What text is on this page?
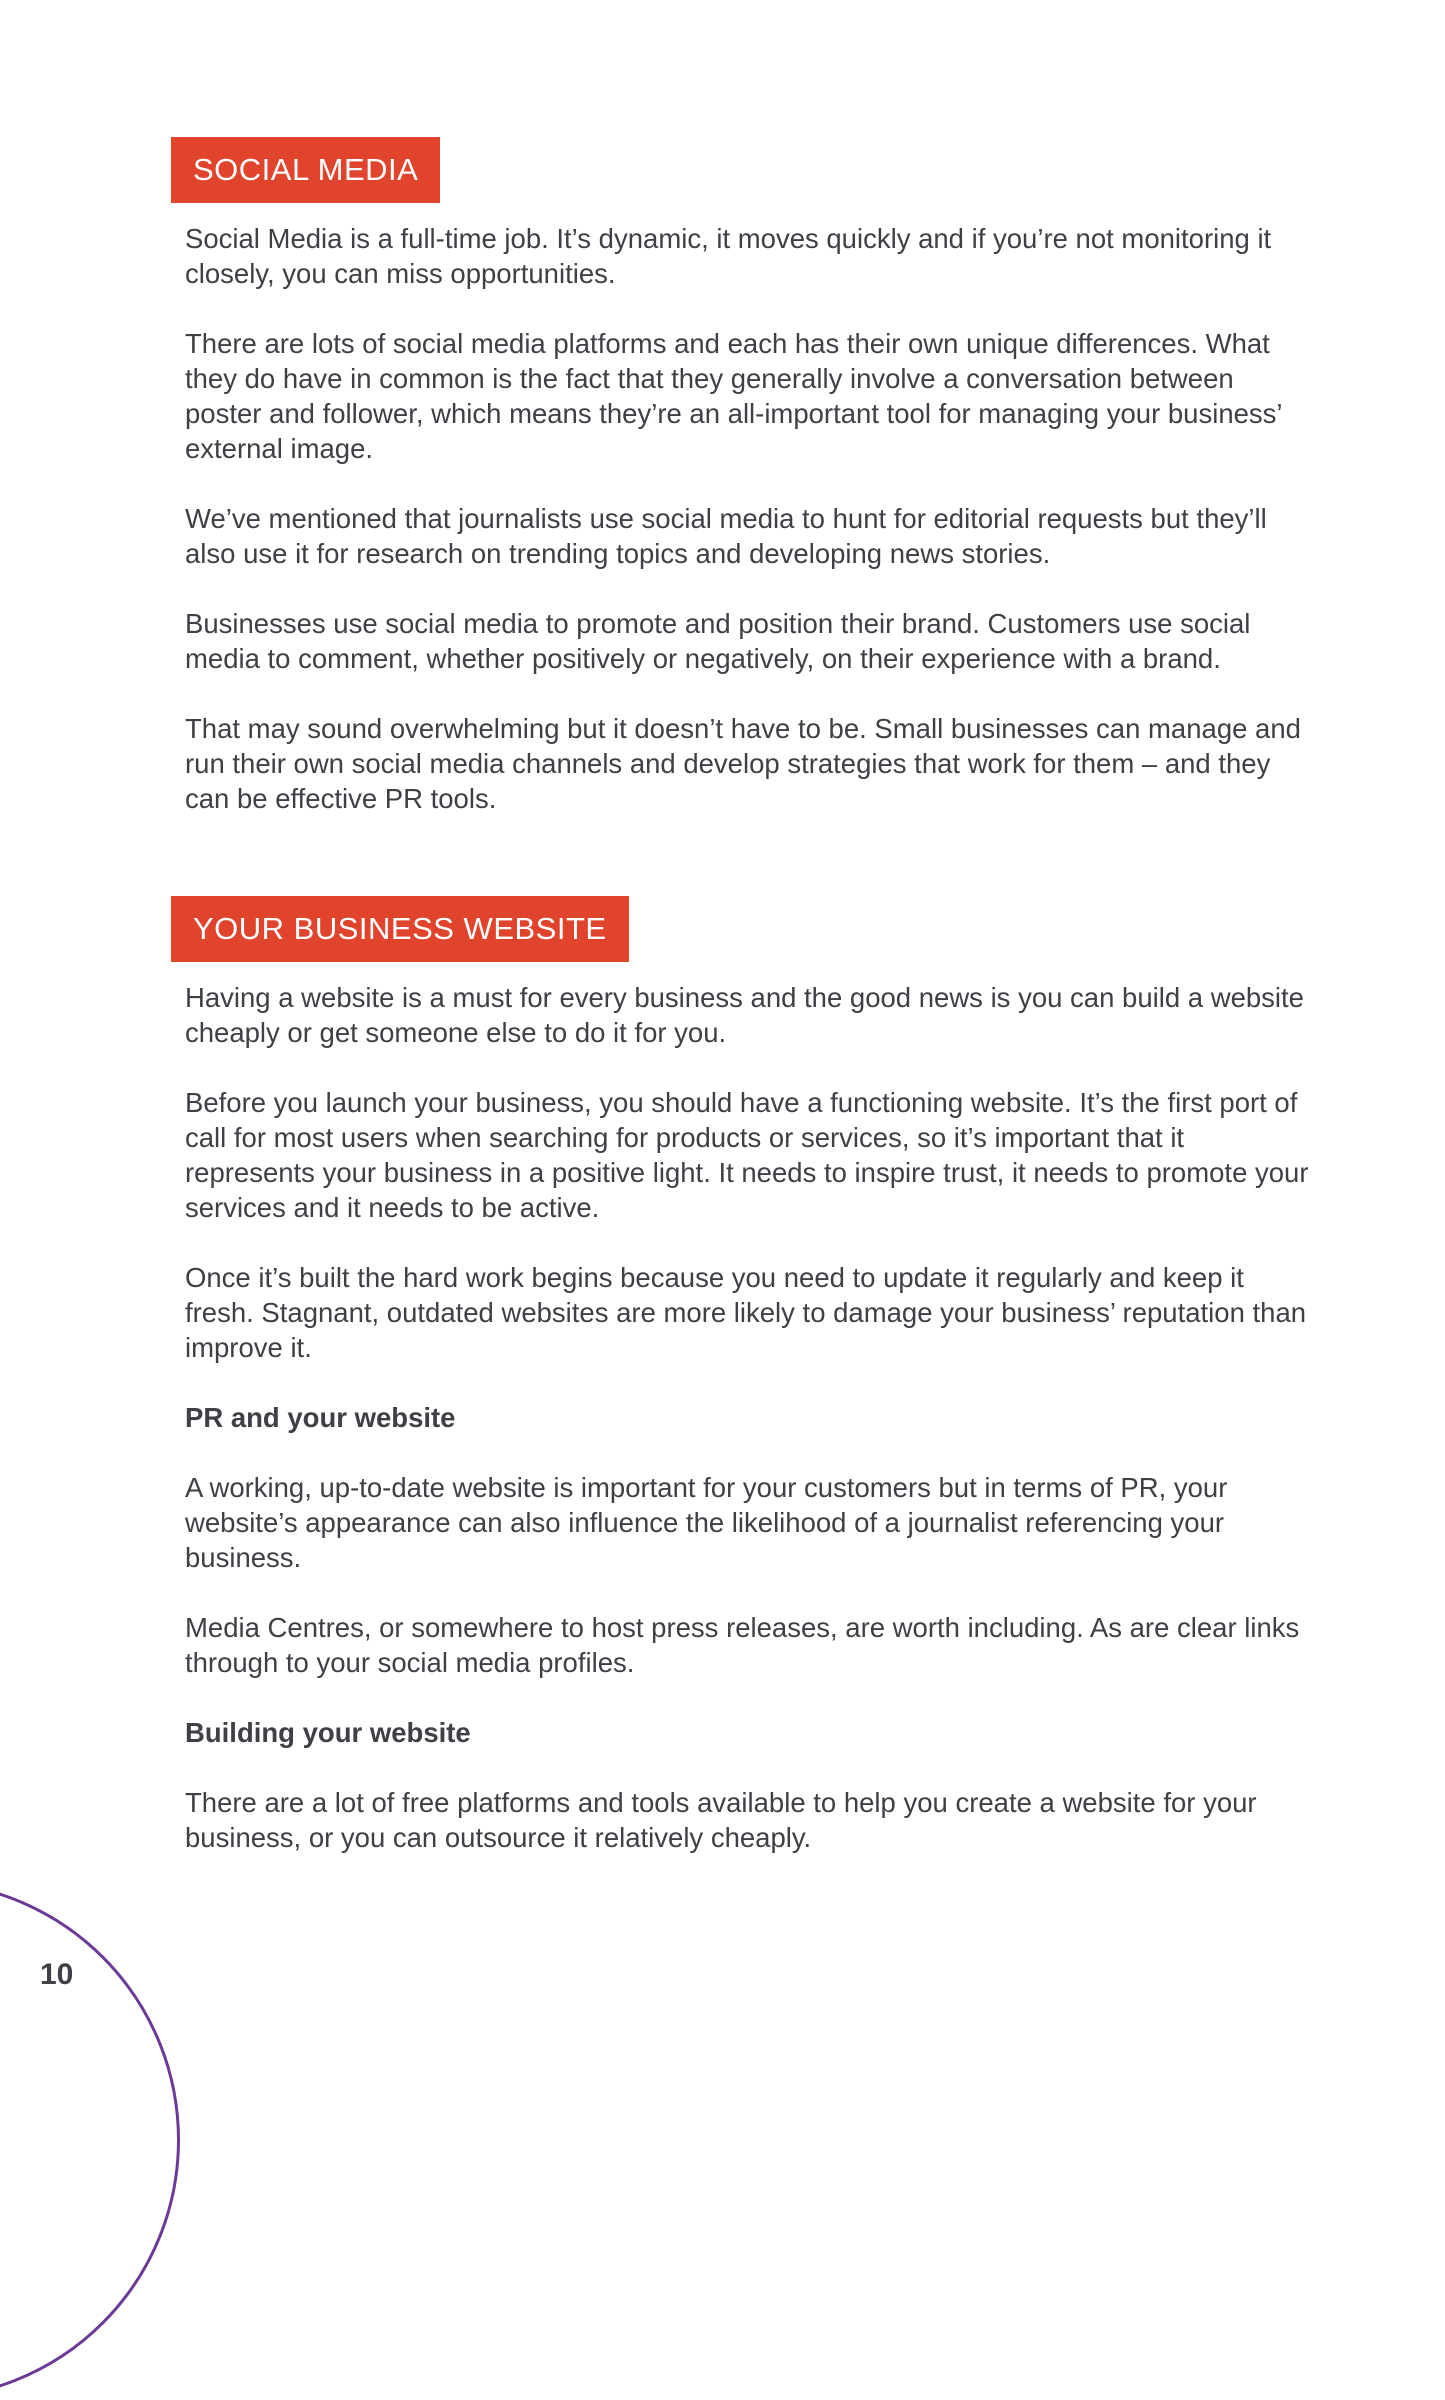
SOCIAL MEDIA

Social Media is a full-time job. It’s dynamic, it moves quickly and if you’re not monitoring it closely, you can miss opportunities.

There are lots of social media platforms and each has their own unique differences. What they do have in common is the fact that they generally involve a conversation between poster and follower, which means they’re an all-important tool for managing your business’ external image.

We’ve mentioned that journalists use social media to hunt for editorial requests but they’ll also use it for research on trending topics and developing news stories.

Businesses use social media to promote and position their brand. Customers use social media to comment, whether positively or negatively, on their experience with a brand.

That may sound overwhelming but it doesn’t have to be. Small businesses can manage and run their own social media channels and develop strategies that work for them – and they can be effective PR tools.

YOUR BUSINESS WEBSITE

Having a website is a must for every business and the good news is you can build a website cheaply or get someone else to do it for you.

Before you launch your business, you should have a functioning website. It’s the first port of call for most users when searching for products or services, so it’s important that it represents your business in a positive light. It needs to inspire trust, it needs to promote your services and it needs to be active.

Once it’s built the hard work begins because you need to update it regularly and keep it fresh. Stagnant, outdated websites are more likely to damage your business’ reputation than improve it.

PR and your website

A working, up-to-date website is important for your customers but in terms of PR, your website’s appearance can also influence the likelihood of a journalist referencing your business.

Media Centres, or somewhere to host press releases, are worth including. As are clear links through to your social media profiles.

Building your website

There are a lot of free platforms and tools available to help you create a website for your business, or you can outsource it relatively cheaply.

10
